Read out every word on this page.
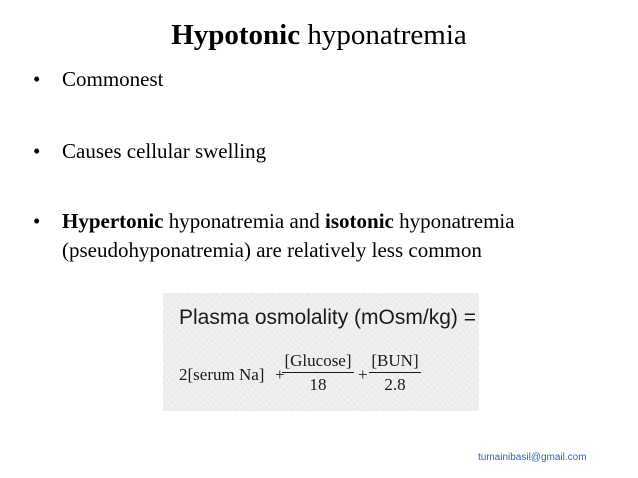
Hypotonic hyponatremia
• Commonest
• Causes cellular swelling
• Hypertonic hyponatremia and isotonic hyponatremia
(pseudohyponatremia) are relatively less common
Plasma osmolality (mOsm/kg) =
2[serum Na] +
[Glucose]
18
+
[BUN]
2.8
tumainibasil@gmail.com
